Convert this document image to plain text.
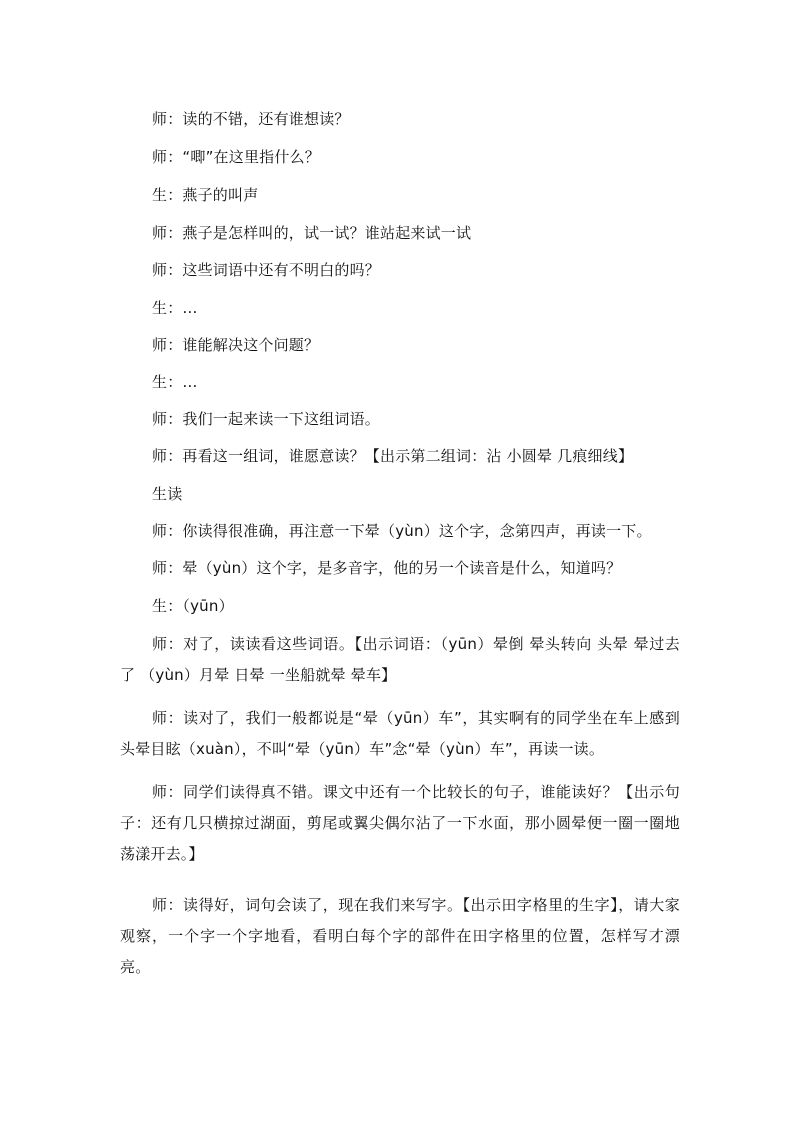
师：读的不错，还有谁想读？
师：“唧”在这里指什么？
生：燕子的叫声
师：燕子是怎样叫的，试一试？谁站起来试一试
师：这些词语中还有不明白的吗？
生：…
师：谁能解决这个问题？
生：…
师：我们一起来读一下这组词语。
师：再看这一组词，谁愿意读？【出示第二组词：沾 小圆晕 几痕细线】
生读
师：你读得很准确，再注意一下晕（yùn）这个字，念第四声，再读一下。
师：晕（yùn）这个字，是多音字，他的另一个读音是什么，知道吗？
生：（yūn）
师：对了，读读看这些词语。【出示词语：（yūn）晕倒 晕头转向 头晕 晕过去了 （yùn）月晕 日晕 一坐船就晕 晕车】
师：读对了，我们一般都说是“晕（yūn）车”，其实啊有的同学坐在车上感到头晕目眩（xuàn），不叫“晕（yūn）车”念“晕（yùn）车”，再读一读。
师：同学们读得真不错。课文中还有一个比较长的句子，谁能读好？【出示句子：还有几只横掠过湖面，剪尾或翼尖偶尔沾了一下水面，那小圆晕便一圈一圈地荡漾开去。】
师：读得好，词句会读了，现在我们来写字。【出示田字格里的生字】，请大家观察，一个字一个字地看，看明白每个字的部件在田字格里的位置，怎样写才漂亮。
